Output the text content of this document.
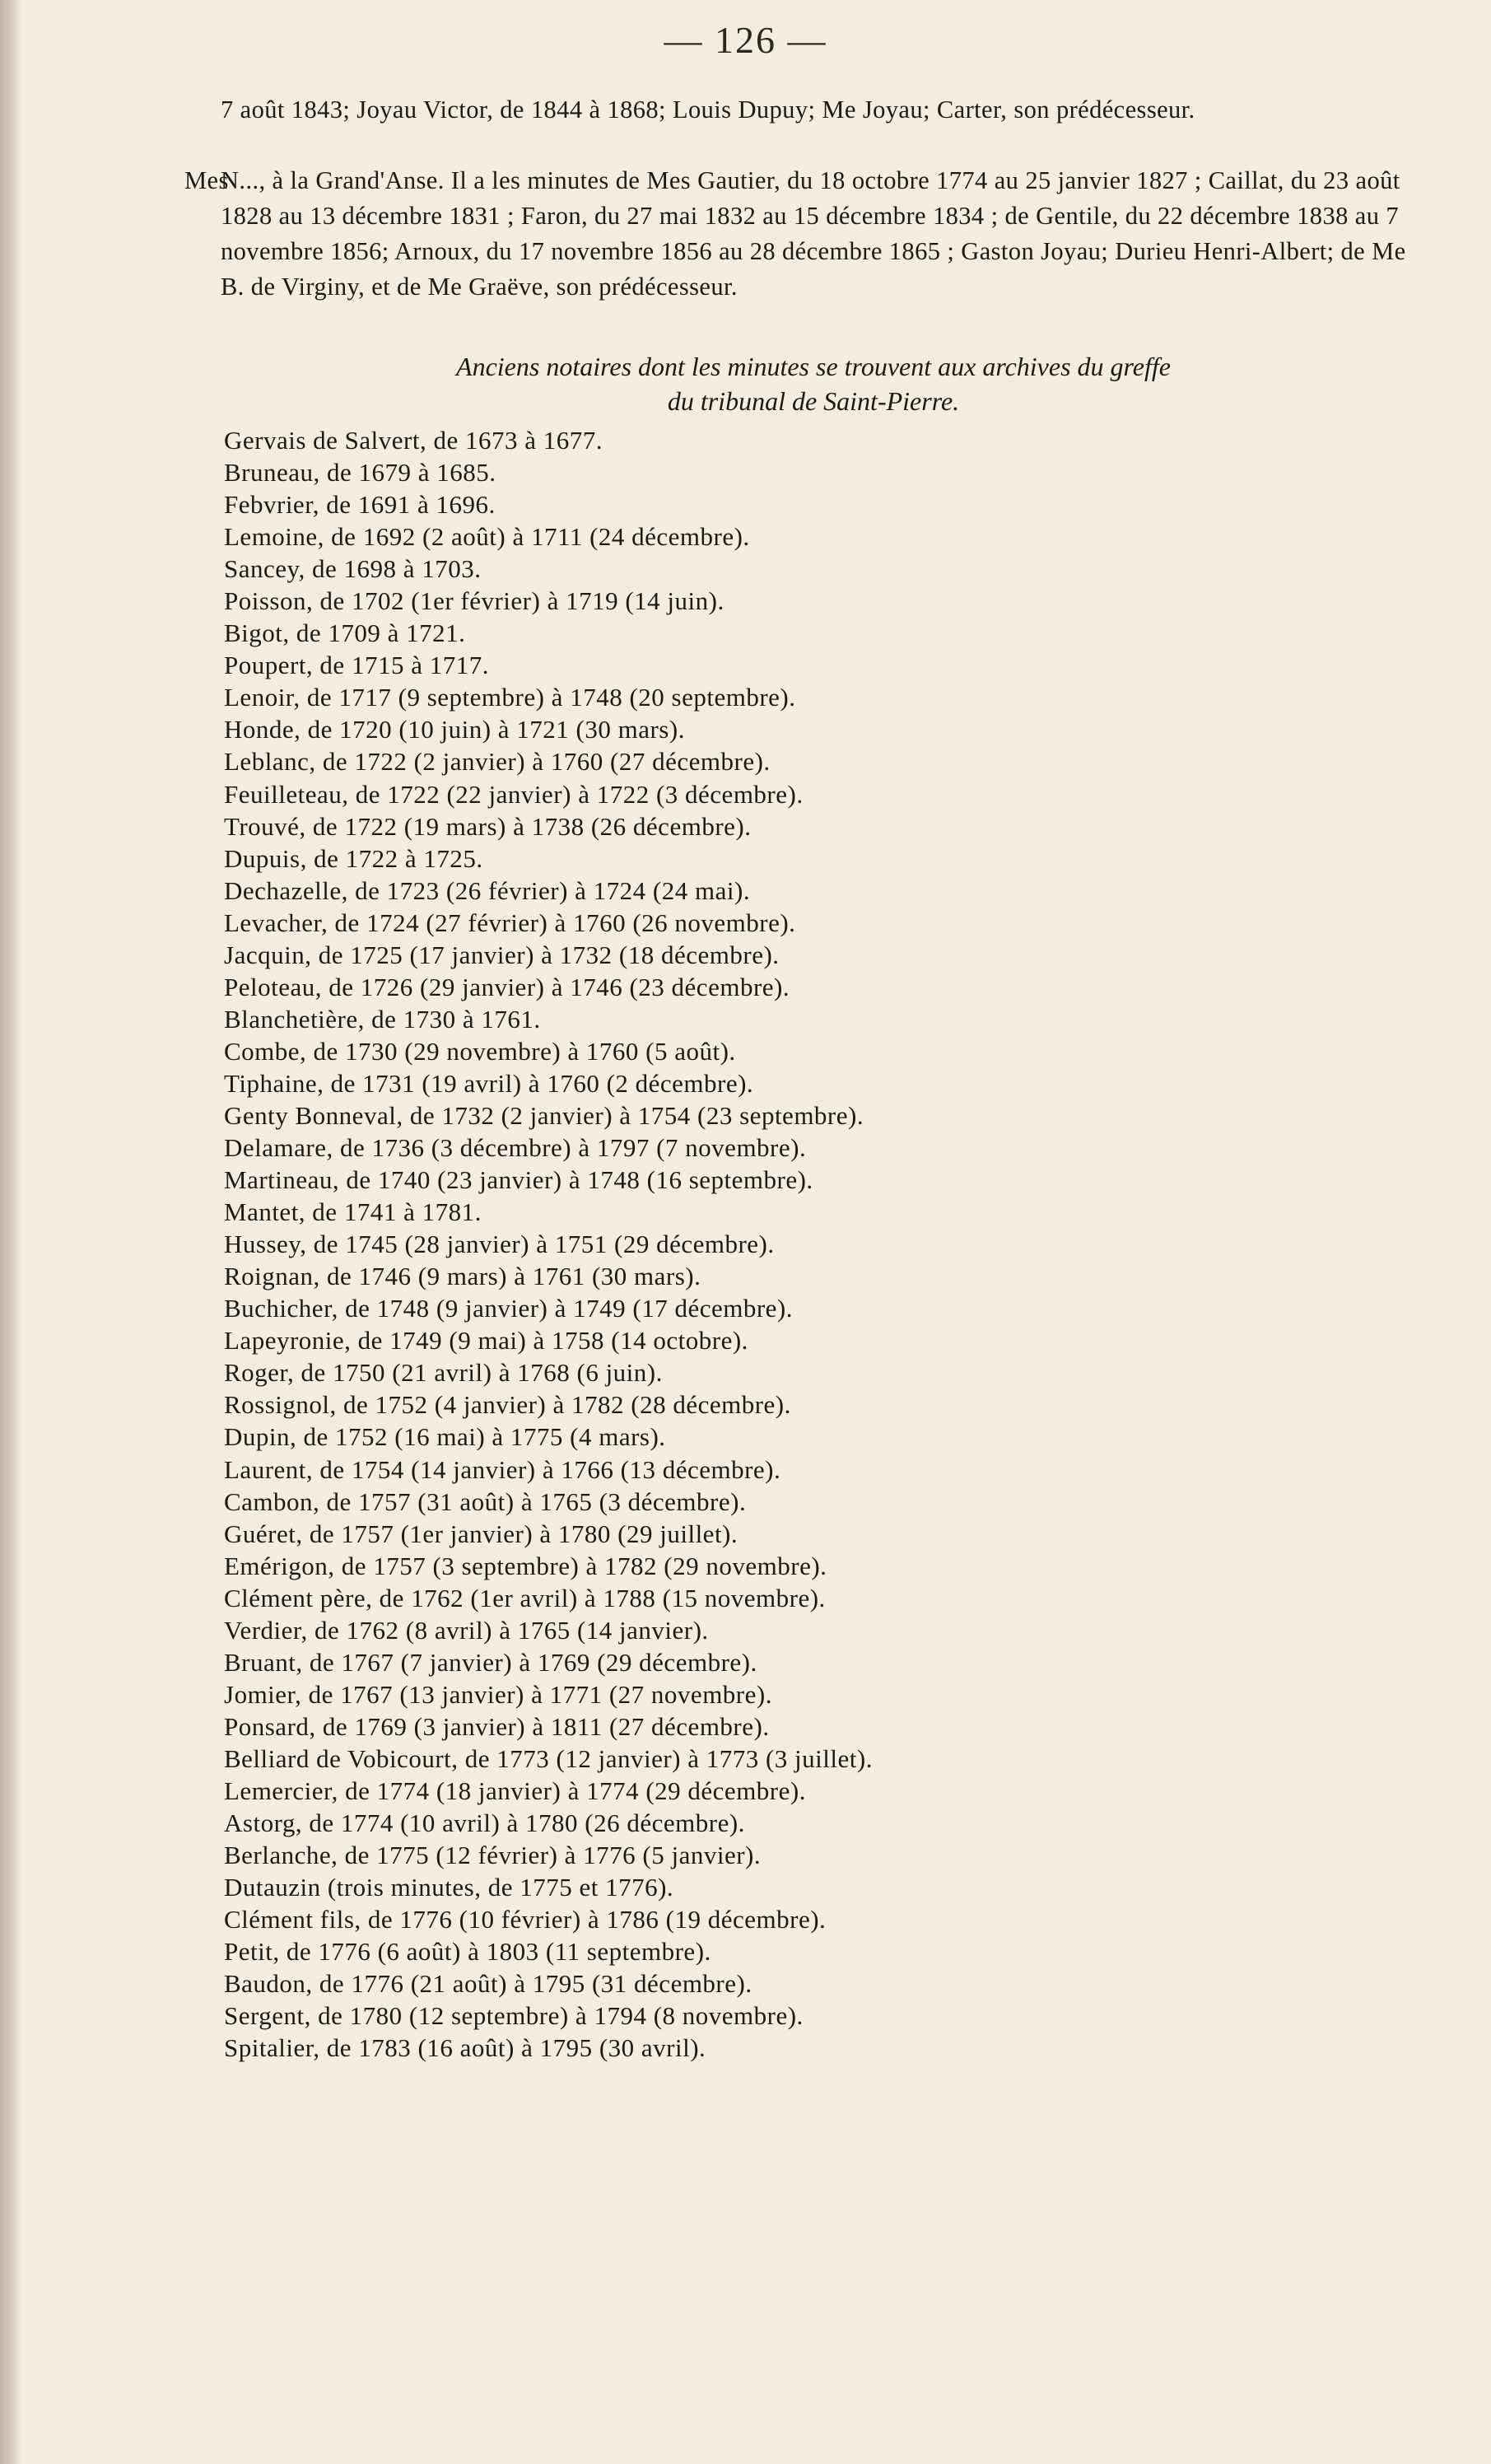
— 126 —
7 août 1843; Joyau Victor, de 1844 à 1868; Louis Dupuy; Me Joyau; Carter, son prédécesseur.
Mes
N..., à la Grand'Anse. Il a les minutes de Mes Gautier, du 18 octobre 1774 au 25 janvier 1827 ; Caillat, du 23 août 1828 au 13 décembre 1831 ; Faron, du 27 mai 1832 au 15 décembre 1834 ; de Gentile, du 22 décembre 1838 au 7 novembre 1856; Arnoux, du 17 novembre 1856 au 28 décembre 1865 ; Gaston Joyau; Durieu Henri-Albert; de Me B. de Virginy, et de Me Graëve, son prédécesseur.
Anciens notaires dont les minutes se trouvent aux archives du greffe
du tribunal de Saint-Pierre.
Gervais de Salvert, de 1673 à 1677.
Bruneau, de 1679 à 1685.
Febvrier, de 1691 à 1696.
Lemoine, de 1692 (2 août) à 1711 (24 décembre).
Sancey, de 1698 à 1703.
Poisson, de 1702 (1er février) à 1719 (14 juin).
Bigot, de 1709 à 1721.
Poupert, de 1715 à 1717.
Lenoir, de 1717 (9 septembre) à 1748 (20 septembre).
Honde, de 1720 (10 juin) à 1721 (30 mars).
Leblanc, de 1722 (2 janvier) à 1760 (27 décembre).
Feuilleteau, de 1722 (22 janvier) à 1722 (3 décembre).
Trouvé, de 1722 (19 mars) à 1738 (26 décembre).
Dupuis, de 1722 à 1725.
Dechazelle, de 1723 (26 février) à 1724 (24 mai).
Levacher, de 1724 (27 février) à 1760 (26 novembre).
Jacquin, de 1725 (17 janvier) à 1732 (18 décembre).
Peloteau, de 1726 (29 janvier) à 1746 (23 décembre).
Blanchetière, de 1730 à 1761.
Combe, de 1730 (29 novembre) à 1760 (5 août).
Tiphaine, de 1731 (19 avril) à 1760 (2 décembre).
Genty Bonneval, de 1732 (2 janvier) à 1754 (23 septembre).
Delamare, de 1736 (3 décembre) à 1797 (7 novembre).
Martineau, de 1740 (23 janvier) à 1748 (16 septembre).
Mantet, de 1741 à 1781.
Hussey, de 1745 (28 janvier) à 1751 (29 décembre).
Roignan, de 1746 (9 mars) à 1761 (30 mars).
Buchicher, de 1748 (9 janvier) à 1749 (17 décembre).
Lapeyronie, de 1749 (9 mai) à 1758 (14 octobre).
Roger, de 1750 (21 avril) à 1768 (6 juin).
Rossignol, de 1752 (4 janvier) à 1782 (28 décembre).
Dupin, de 1752 (16 mai) à 1775 (4 mars).
Laurent, de 1754 (14 janvier) à 1766 (13 décembre).
Cambon, de 1757 (31 août) à 1765 (3 décembre).
Guéret, de 1757 (1er janvier) à 1780 (29 juillet).
Emérigon, de 1757 (3 septembre) à 1782 (29 novembre).
Clément père, de 1762 (1er avril) à 1788 (15 novembre).
Verdier, de 1762 (8 avril) à 1765 (14 janvier).
Bruant, de 1767 (7 janvier) à 1769 (29 décembre).
Jomier, de 1767 (13 janvier) à 1771 (27 novembre).
Ponsard, de 1769 (3 janvier) à 1811 (27 décembre).
Belliard de Vobicourt, de 1773 (12 janvier) à 1773 (3 juillet).
Lemercier, de 1774 (18 janvier) à 1774 (29 décembre).
Astorg, de 1774 (10 avril) à 1780 (26 décembre).
Berlanche, de 1775 (12 février) à 1776 (5 janvier).
Dutauzin (trois minutes, de 1775 et 1776).
Clément fils, de 1776 (10 février) à 1786 (19 décembre).
Petit, de 1776 (6 août) à 1803 (11 septembre).
Baudon, de 1776 (21 août) à 1795 (31 décembre).
Sergent, de 1780 (12 septembre) à 1794 (8 novembre).
Spitalier, de 1783 (16 août) à 1795 (30 avril).
